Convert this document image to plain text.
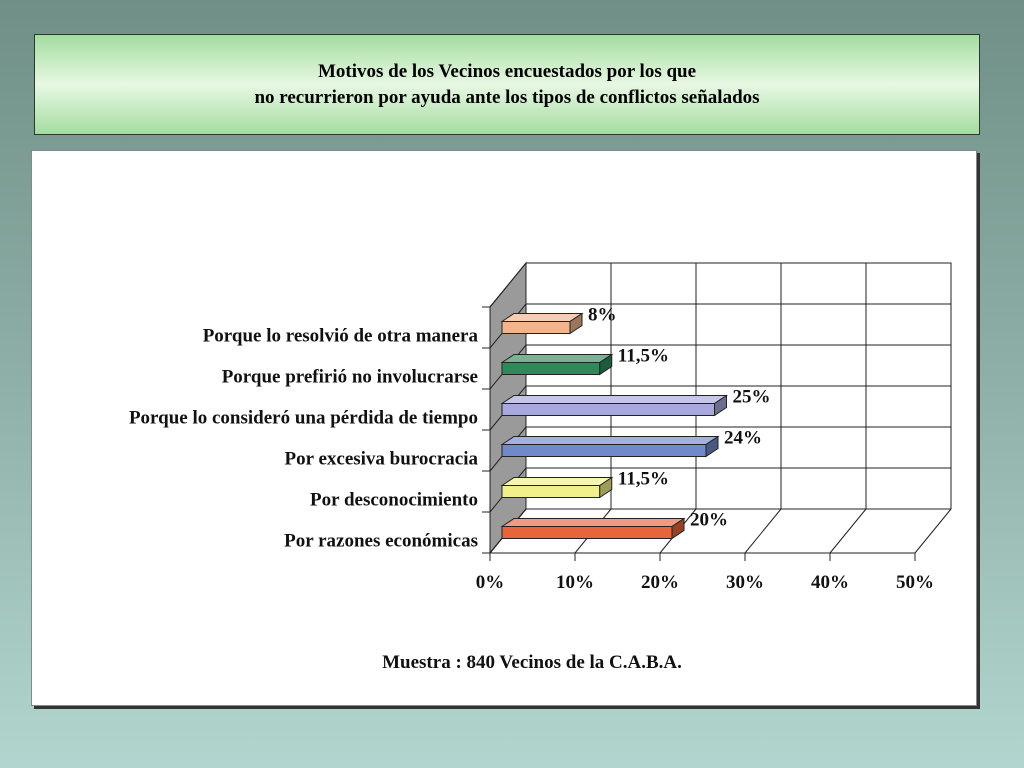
Motivos de los Vecinos encuestados por los que
no recurrieron por ayuda ante los tipos de conflictos señalados
0%	10% 20% 30% 40% 50%
20%
Por razones económicas
11,5%
Por desconocimiento
24%
Por excesiva burocracia
25%
Porque lo consideró una pérdida de tiempo
11,5%
Porque prefirió no involucrarse
8%
Porque lo resolvió de otra manera
Muestra : 840 Vecinos de la C.A.B.A.
